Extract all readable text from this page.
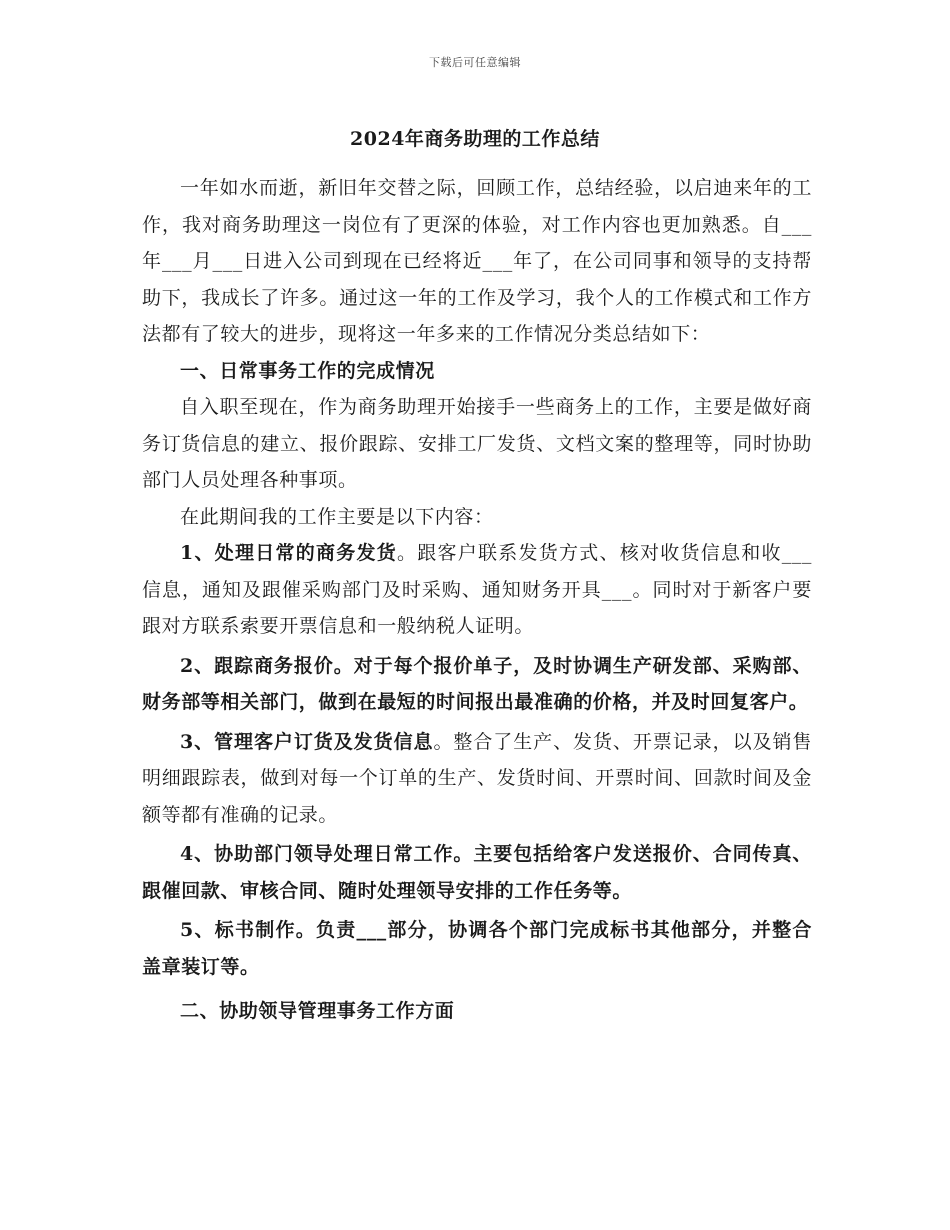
下载后可任意编辑
2024年商务助理的工作总结

一年如水而逝，新旧年交替之际，回顾工作，总结经验，以启迪来年的工作，我对商务助理这一岗位有了更深的体验，对工作内容也更加熟悉。自___年___月___日进入公司到现在已经将近___年了，在公司同事和领导的支持帮助下，我成长了许多。通过这一年的工作及学习，我个人的工作模式和工作方法都有了较大的进步，现将这一年多来的工作情况分类总结如下：

一、日常事务工作的完成情况

自入职至现在，作为商务助理开始接手一些商务上的工作，主要是做好商务订货信息的建立、报价跟踪、安排工厂发货、文档文案的整理等，同时协助部门人员处理各种事项。

在此期间我的工作主要是以下内容：

1、处理日常的商务发货。跟客户联系发货方式、核对收货信息和收___信息，通知及跟催采购部门及时采购、通知财务开具___。同时对于新客户要跟对方联系索要开票信息和一般纳税人证明。

2、跟踪商务报价。对于每个报价单子，及时协调生产研发部、采购部、财务部等相关部门，做到在最短的时间报出最准确的价格，并及时回复客户。

3、管理客户订货及发货信息。整合了生产、发货、开票记录，以及销售明细跟踪表，做到对每一个订单的生产、发货时间、开票时间、回款时间及金额等都有准确的记录。

4、协助部门领导处理日常工作。主要包括给客户发送报价、合同传真、跟催回款、审核合同、随时处理领导安排的工作任务等。

5、标书制作。负责___部分，协调各个部门完成标书其他部分，并整合盖章装订等。

二、协助领导管理事务工作方面
